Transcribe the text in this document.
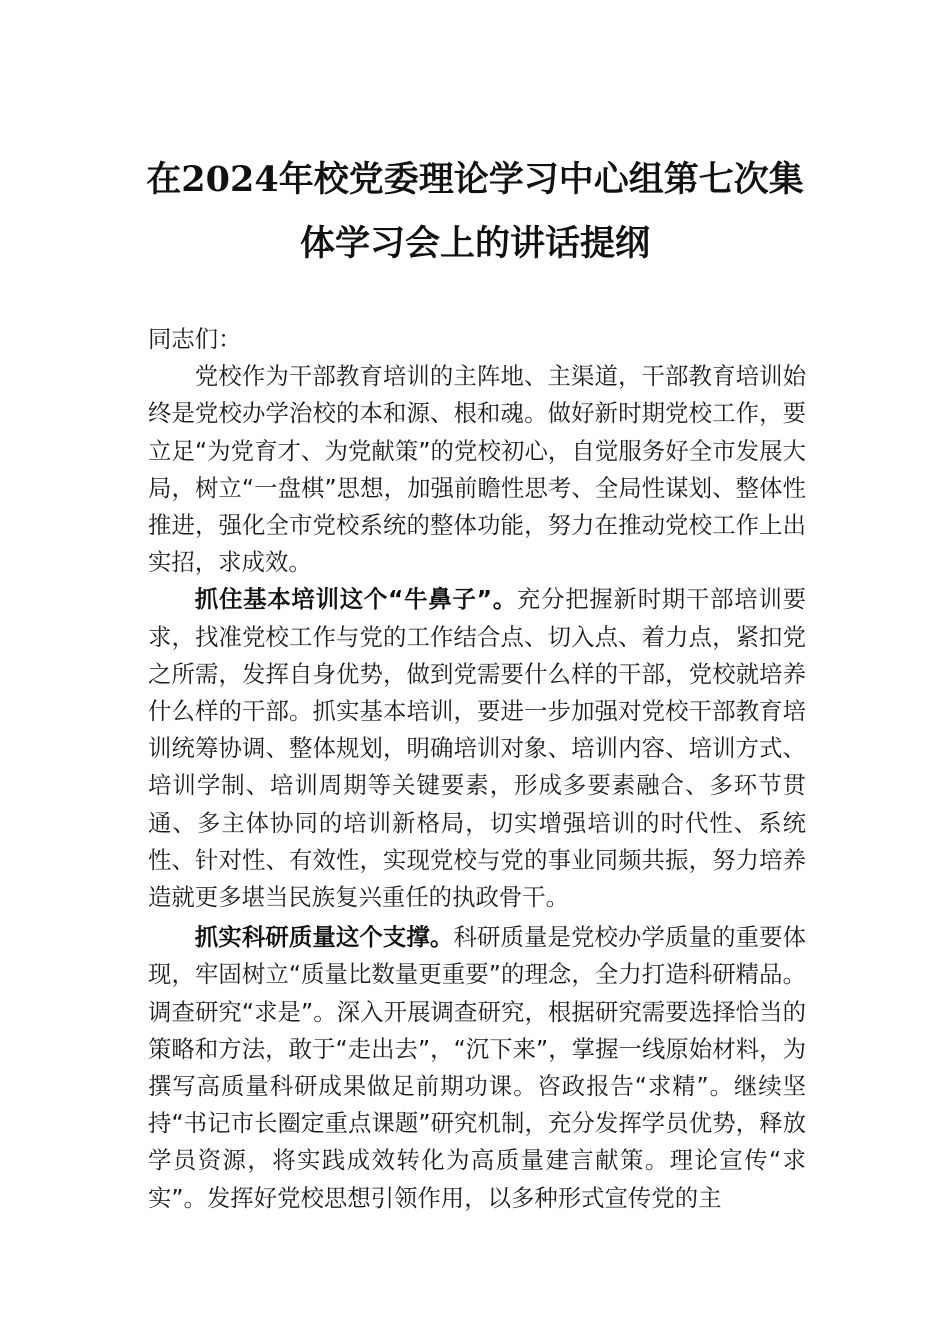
在2024年校党委理论学习中心组第七次集
体学习会上的讲话提纲

同志们：

党校作为干部教育培训的主阵地、主渠道，干部教育培训始终是党校办学治校的本和源、根和魂。做好新时期党校工作，要立足“为党育才、为党献策”的党校初心，自觉服务好全市发展大局，树立“一盘棋”思想，加强前瞻性思考、全局性谋划、整体性推进，强化全市党校系统的整体功能，努力在推动党校工作上出实招，求成效。

抓住基本培训这个“牛鼻子”。充分把握新时期干部培训要求，找准党校工作与党的工作结合点、切入点、着力点，紧扣党之所需，发挥自身优势，做到党需要什么样的干部，党校就培养什么样的干部。抓实基本培训，要进一步加强对党校干部教育培训统筹协调、整体规划，明确培训对象、培训内容、培训方式、培训学制、培训周期等关键要素，形成多要素融合、多环节贯通、多主体协同的培训新格局，切实增强培训的时代性、系统性、针对性、有效性，实现党校与党的事业同频共振，努力培养造就更多堪当民族复兴重任的执政骨干。

抓实科研质量这个支撑。科研质量是党校办学质量的重要体现，牢固树立“质量比数量更重要”的理念，全力打造科研精品。调查研究“求是”。深入开展调查研究，根据研究需要选择恰当的策略和方法，敢于“走出去”，“沉下来”，掌握一线原始材料，为撰写高质量科研成果做足前期功课。咨政报告“求精”。继续坚持“书记市长圈定重点课题”研究机制，充分发挥学员优势，释放学员资源，将实践成效转化为高质量建言献策。理论宣传“求实”。发挥好党校思想引领作用，以多种形式宣传党的主
